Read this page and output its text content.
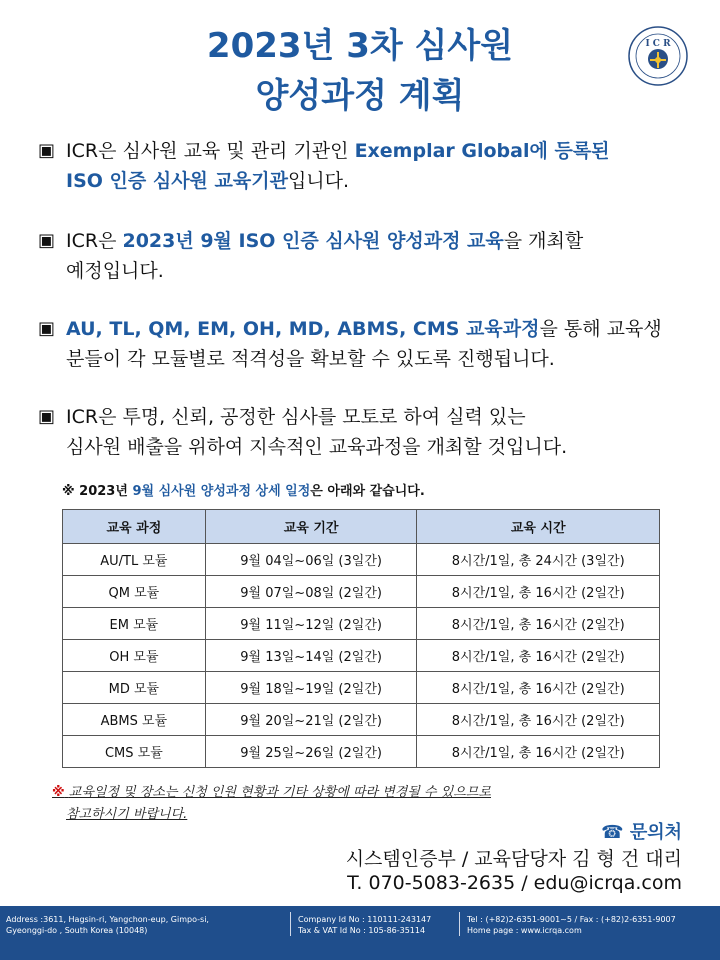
2023년 3차 심사원
양성과정 계획
I C R
▣ ICR은 심사원 교육 및 관리 기관인 Exemplar Global에 등록된
ISO 인증 심사원 교육기관입니다.
▣ ICR은 2023년 9월 ISO 인증 심사원 양성과정 교육을 개최할
예정입니다.
▣ AU, TL, QM, EM, OH, MD, ABMS, CMS 교육과정을 통해 교육생
분들이 각 모듈별로 적격성을 확보할 수 있도록 진행됩니다.
▣ ICR은 투명, 신뢰, 공정한 심사를 모토로 하여 실력 있는
심사원 배출을 위하여 지속적인 교육과정을 개최할 것입니다.
※ 2023년 9월 심사원 양성과정 상세 일정은 아래와 같습니다.
교육 과정	교육 기간	교육 시간
AU/TL 모듈	9월 04일~06일 (3일간)	8시간/1일, 총 24시간 (3일간)
QM 모듈	9월 07일~08일 (2일간)	8시간/1일, 총 16시간 (2일간)
EM 모듈	9월 11일~12일 (2일간)	8시간/1일, 총 16시간 (2일간)
OH 모듈	9월 13일~14일 (2일간)	8시간/1일, 총 16시간 (2일간)
MD 모듈	9월 18일~19일 (2일간)	8시간/1일, 총 16시간 (2일간)
ABMS 모듈	9월 20일~21일 (2일간)	8시간/1일, 총 16시간 (2일간)
CMS 모듈	9월 25일~26일 (2일간)	8시간/1일, 총 16시간 (2일간)
※ 교육일정 및 장소는 신청 인원 현황과 기타 상황에 따라 변경될 수 있으므로
참고하시기 바랍니다.
☎ 문의처
시스템인증부 / 교육담당자 김 형 건 대리
T. 070-5083-2635 / edu@icrqa.com
Address :3611, Hagsin-ri, Yangchon-eup, Gimpo-si,
Gyeonggi-do , South Korea (10048)
Company Id No : 110111-243147
Tax & VAT Id No : 105-86-35114
Tel : (+82)2-6351-9001~5 / Fax : (+82)2-6351-9007
Home page : www.icrqa.com
